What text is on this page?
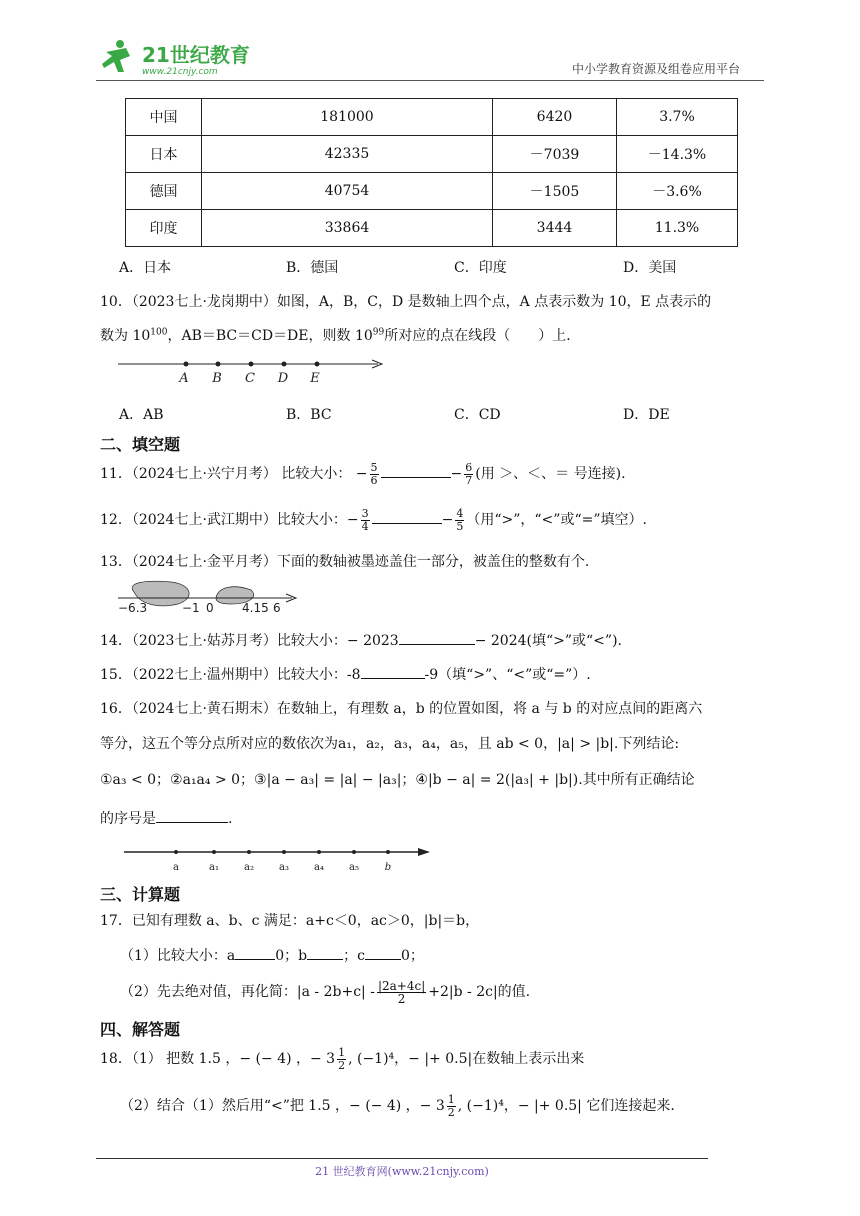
21世纪教育
www.21cnjy.com	中小学教育资源及组卷应用平台
中国	181000	6420	3.7%
日本	42335	－7039	－14.3%
德国	40754	－1505	－3.6%
印度	33864	3444	11.3%
A．日本	B．德国	C．印度	D．美国
10．（2023七上·龙岗期中）如图，A，B，C，D 是数轴上四个点，A 点表示数为 10，E 点表示的
数为 $10^{100}$，AB＝BC＝CD＝DE，则数 $10^{99}$所对应的点在线段（　　）上．
A B C D E
A．AB	B．BC	C．CD	D．DE
二、填空题
11．（2024七上·兴宁月考） 比较大小： − $\frac{5}{6}$	− $\frac{6}{7}$ (用 ＞、＜、＝ 号连接).
12．（2024七上·武江期中）比较大小：− $\frac{3}{4}$	− $\frac{4}{5}$ （用“>”，“<”或“=”填空）.
13．（2024七上·金平月考）下面的数轴被墨迹盖住一部分，被盖住的整数有个.
−6.3	−1 0 4.15 6
14．（2023七上·姑苏月考）比较大小：− 2023	− 2024(填“>”或“<”).
15．（2022七上·温州期中）比较大小：-8	-9（填“>”、“<”或“=”）.
16．（2024七上·黄石期末）在数轴上，有理数 a，b 的位置如图，将 a 与 b 的对应点间的距离六
等分，这五个等分点所对应的数依次为a₁，a₂，a₃，a₄，a₅，且 ab < 0，|a| > |b|.下列结论:
①a₃ < 0；②a₁a₄ > 0；③|a − a₃| = |a| − |a₃|；④|b − a| = 2(|a₃| + |b|).其中所有正确结论
的序号是	.
a	a₁	a₂	a₃	a₄	a₅	b
三、计算题
17．已知有理数 a、b、c 满足：a+c＜0，ac＞0，|b|＝b，
（1）比较大小：a	0；b	；c	0；
（2）先去绝对值，再化简：$|a - 2b+c| - \frac{|2a+4c|}{2} +2|b - 2c|$的值.
四、解答题
18．（1） 把数 1.5 ，− (− 4) ，− $3 \frac{1}{2}$ , (−1)⁴，− |+ 0.5|在数轴上表示出来
（2）结合（1）然后用“<”把 1.5 ，− (− 4) ，− $3 \frac{1}{2}$ , (−1)⁴，− |+ 0.5| 它们连接起来.
21 世纪教育网(www.21cnjy.com)
